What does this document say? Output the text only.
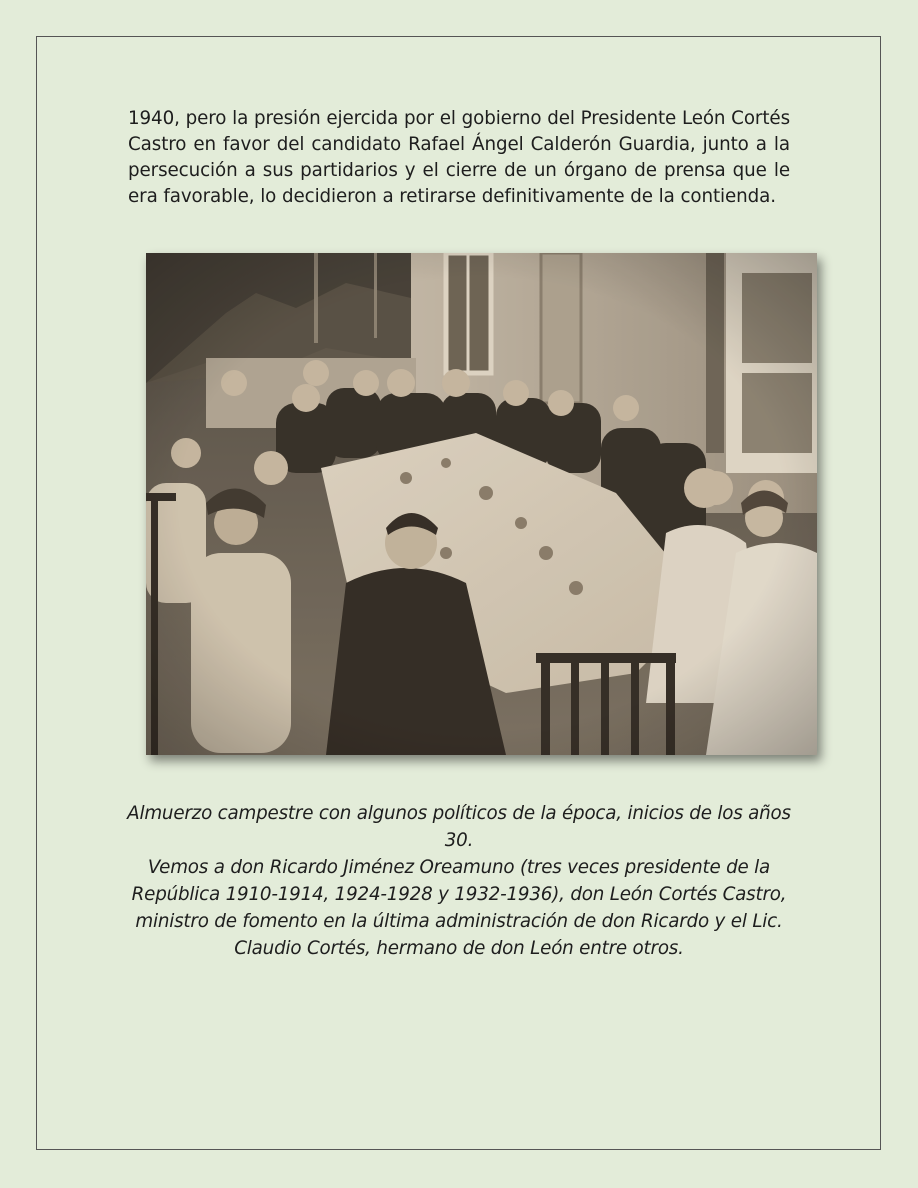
1940, pero la presión ejercida por el gobierno del Presidente León Cortés Castro en favor del candidato Rafael Ángel Calderón Guardia, junto a la persecución a sus partidarios y el cierre de un órgano de prensa que le era favorable, lo decidieron a retirarse definitivamente de la contienda.

Almuerzo campestre con algunos políticos de la época, inicios de los años 30.
Vemos a don Ricardo Jiménez Oreamuno (tres veces presidente de la República 1910-1914, 1924-1928 y 1932-1936), don León Cortés Castro, ministro de fomento en la última administración de don Ricardo y el Lic. Claudio Cortés, hermano de don León entre otros.
